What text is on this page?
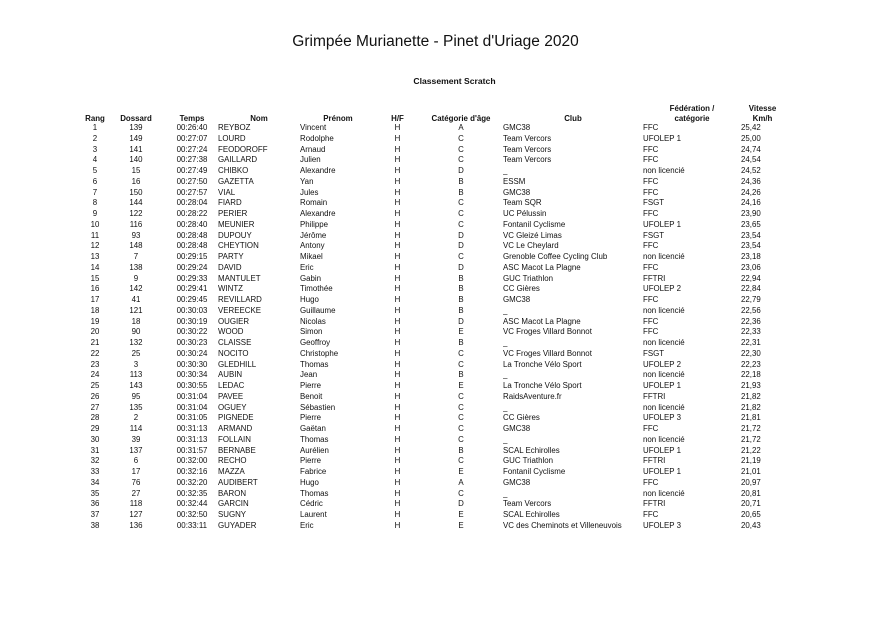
Grimpée Murianette - Pinet d'Uriage 2020
Classement Scratch
Rang	Dossard	Temps	Nom	Prénom	H/F	Catégorie d'âge	Club	Fédération /
catégorie	Vitesse
Km/h
1	139	00:26:40	REYBOZ	Vincent	H	A	GMC38	FFC	25,42
2	149	00:27:07	LOURD	Rodolphe	H	C	Team Vercors	UFOLEP 1	25,00
3	141	00:27:24	FEODOROFF	Arnaud	H	C	Team Vercors	FFC	24,74
4	140	00:27:38	GAILLARD	Julien	H	C	Team Vercors	FFC	24,54
5	15	00:27:49	CHIBKO	Alexandre	H	D	_	non licencié	24,52
6	16	00:27:50	GAZETTA	Yan	H	B	ESSM	FFC	24,36
7	150	00:27:57	VIAL	Jules	H	B	GMC38	FFC	24,26
8	144	00:28:04	FIARD	Romain	H	C	Team SQR	FSGT	24,16
9	122	00:28:22	PERIER	Alexandre	H	C	UC Pélussin	FFC	23,90
10	116	00:28:40	MEUNIER	Philippe	H	C	Fontanil Cyclisme	UFOLEP 1	23,65
11	93	00:28:48	DUPOUY	Jérôme	H	D	VC Gleizé Limas	FSGT	23,54
12	148	00:28:48	CHEYTION	Antony	H	D	VC Le Cheylard	FFC	23,54
13	7	00:29:15	PARTY	Mikael	H	C	Grenoble Coffee Cycling Club	non licencié	23,18
14	138	00:29:24	DAVID	Eric	H	D	ASC Macot La Plagne	FFC	23,06
15	9	00:29:33	MANTULET	Gabin	H	B	GUC Triathlon	FFTRI	22,94
16	142	00:29:41	WINTZ	Timothée	H	B	CC Gières	UFOLEP 2	22,84
17	41	00:29:45	REVILLARD	Hugo	H	B	GMC38	FFC	22,79
18	121	00:30:03	VEREECKE	Guillaume	H	B	_	non licencié	22,56
19	18	00:30:19	OUGIER	Nicolas	H	D	ASC Macot La Plagne	FFC	22,36
20	90	00:30:22	WOOD	Simon	H	E	VC Froges Villard Bonnot	FFC	22,33
21	132	00:30:23	CLAISSE	Geoffroy	H	B	_	non licencié	22,31
22	25	00:30:24	NOCITO	Christophe	H	C	VC Froges Villard Bonnot	FSGT	22,30
23	3	00:30:30	GLEDHILL	Thomas	H	C	La Tronche Vélo Sport	UFOLEP 2	22,23
24	113	00:30:34	AUBIN	Jean	H	B	_	non licencié	22,18
25	143	00:30:55	LEDAC	Pierre	H	E	La Tronche Vélo Sport	UFOLEP 1	21,93
26	95	00:31:04	PAVEE	Benoit	H	C	RaidsAventure.fr	FFTRI	21,82
27	135	00:31:04	OGUEY	Sébastien	H	C	_	non licencié	21,82
28	2	00:31:05	PIGNEDE	Pierre	H	C	CC Gières	UFOLEP 3	21,81
29	114	00:31:13	ARMAND	Gaëtan	H	C	GMC38	FFC	21,72
30	39	00:31:13	FOLLAIN	Thomas	H	C	_	non licencié	21,72
31	137	00:31:57	BERNABE	Aurélien	H	B	SCAL Echirolles	UFOLEP 1	21,22
32	6	00:32:00	RECHO	Pierre	H	C	GUC Triathlon	FFTRI	21,19
33	17	00:32:16	MAZZA	Fabrice	H	E	Fontanil Cyclisme	UFOLEP 1	21,01
34	76	00:32:20	AUDIBERT	Hugo	H	A	GMC38	FFC	20,97
35	27	00:32:35	BARON	Thomas	H	C	_	non licencié	20,81
36	118	00:32:44	GARCIN	Cédric	H	D	Team Vercors	FFTRI	20,71
37	127	00:32:50	SUGNY	Laurent	H	E	SCAL Echirolles	FFC	20,65
38	136	00:33:11	GUYADER	Eric	H	E	VC des Cheminots et Villeneuvois	UFOLEP 3	20,43
